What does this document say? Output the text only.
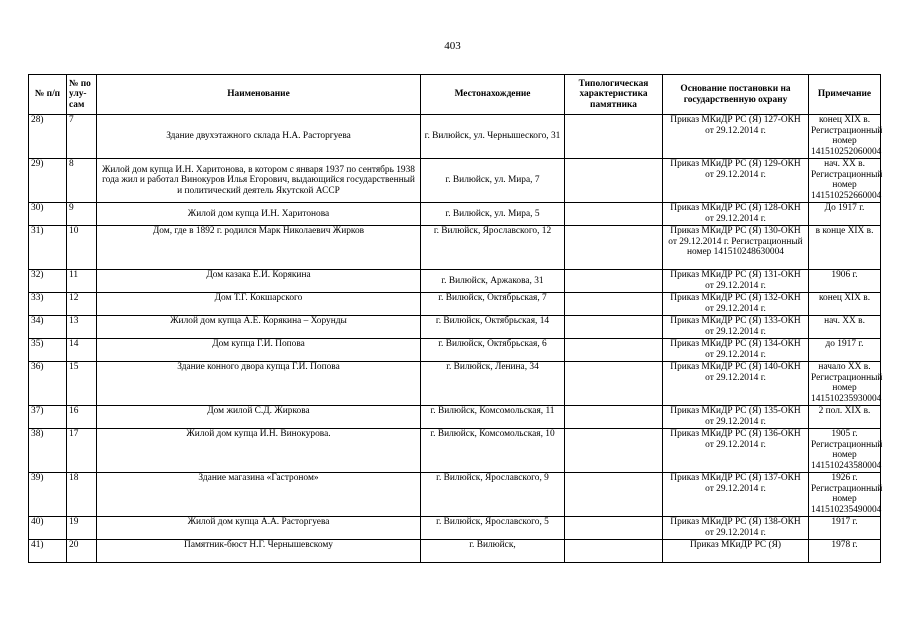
403
№ п/п	№ по улу-сам	Наименование	Местонахождение	Типологическая характеристика памятника	Основание постановки на государственную охрану	Примечание
28)	7	Здание двухэтажного склада Н.А. Расторгуева	г. Вилюйск, ул. Чернышеского, 31		Приказ МКиДР РС (Я) 127-ОКН от 29.12.2014 г.	конец XIX в. Регистрационный номер 141510252060004
29)	8	Жилой дом купца И.Н. Харитонова, в котором с января 1937 по сентябрь 1938 года жил и работал Винокуров Илья Егорович, выдающийся государственный и политический деятель Якутской АССР	г. Вилюйск, ул. Мира, 7		Приказ МКиДР РС (Я) 129-ОКН от 29.12.2014 г.	нач. XX в. Регистрационный номер 141510252660004
30)	9	Жилой дом купца И.Н. Харитонова	г. Вилюйск, ул. Мира, 5		Приказ МКиДР РС (Я) 128-ОКН от 29.12.2014 г.	До 1917 г.
31)	10	Дом, где в 1892 г. родился Марк Николаевич Жирков	г. Вилюйск, Ярославского, 12		Приказ МКиДР РС (Я) 130-ОКН от 29.12.2014 г. Регистрационный номер 141510248630004	в конце XIX в.
32)	11	Дом казака Е.И. Корякина	г. Вилюйск, Аржакова, 31		Приказ МКиДР РС (Я) 131-ОКН от 29.12.2014 г.	1906 г.
33)	12	Дом Т.Г. Кокшарского	г. Вилюйск, Октябрьская, 7		Приказ МКиДР РС (Я) 132-ОКН от 29.12.2014 г.	конец XIX в.
34)	13	Жилой дом купца А.Е. Корякина – Хорунды	г. Вилюйск, Октябрьская, 14		Приказ МКиДР РС (Я) 133-ОКН от 29.12.2014 г.	нач. XX в.
35)	14	Дом купца Г.И. Попова	г. Вилюйск, Октябрьская, 6		Приказ МКиДР РС (Я) 134-ОКН от 29.12.2014 г.	до 1917 г.
36)	15	Здание конного двора купца Г.И. Попова	г. Вилюйск, Ленина, 34		Приказ МКиДР РС (Я) 140-ОКН от 29.12.2014 г.	начало XX в. Регистрационный номер 141510235930004
37)	16	Дом жилой С.Д. Жиркова	г. Вилюйск, Комсомольская, 11		Приказ МКиДР РС (Я) 135-ОКН от 29.12.2014 г.	2 пол. XIX в.
38)	17	Жилой дом купца И.Н. Винокурова.	г. Вилюйск, Комсомольская, 10		Приказ МКиДР РС (Я) 136-ОКН от 29.12.2014 г.	1905 г. Регистрационный номер 141510243580004
39)	18	Здание магазина «Гастроном»	г. Вилюйск, Ярославского, 9		Приказ МКиДР РС (Я) 137-ОКН от 29.12.2014 г.	1926 г. Регистрационный номер 141510235490004
40)	19	Жилой дом купца А.А. Расторгуева	г. Вилюйск, Ярославского, 5		Приказ МКиДР РС (Я) 138-ОКН от 29.12.2014 г.	1917 г.
41)	20	Памятник-бюст Н.Г. Чернышевскому	г. Вилюйск,		Приказ МКиДР РС (Я)	1978 г.
